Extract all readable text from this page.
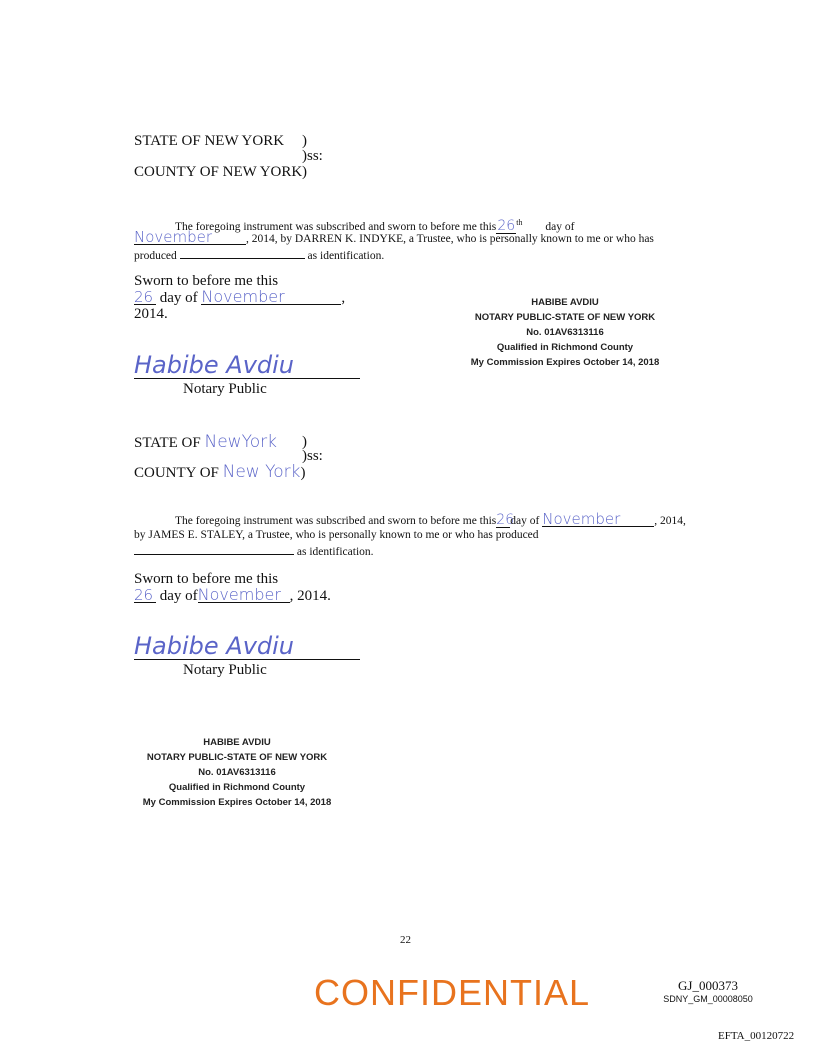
STATE OF NEW YORK )
)ss:
COUNTY OF NEW YORK )
The foregoing instrument was subscribed and sworn to before me this26th day of
November	, 2014, by DARREN K. INDYKE, a Trustee, who is personally known to me or who has
produced	as identification.
Sworn to before me this
26 day of November	,
2014.
HABIBE AVDIU
NOTARY PUBLIC-STATE OF NEW YORK
No. 01AV6313116
Qualified in Richmond County
My Commission Expires October 14, 2018
Habibe Avdiu
Notary Public
STATE OF NewYork )
)ss:
COUNTY OF New York)
The foregoing instrument was subscribed and sworn to before me this26day of November	, 2014,
by JAMES E. STALEY, a Trustee, who is personally known to me or who has produced
as identification.
Sworn to before me this
26 day ofNovember , 2014.
Habibe Avdiu
Notary Public
HABIBE AVDIU
NOTARY PUBLIC-STATE OF NEW YORK
No. 01AV6313116
Qualified in Richmond County
My Commission Expires October 14, 2018
22
CONFIDENTIAL	GJ_000373
SDNY_GM_00008050
EFTA_00120722
